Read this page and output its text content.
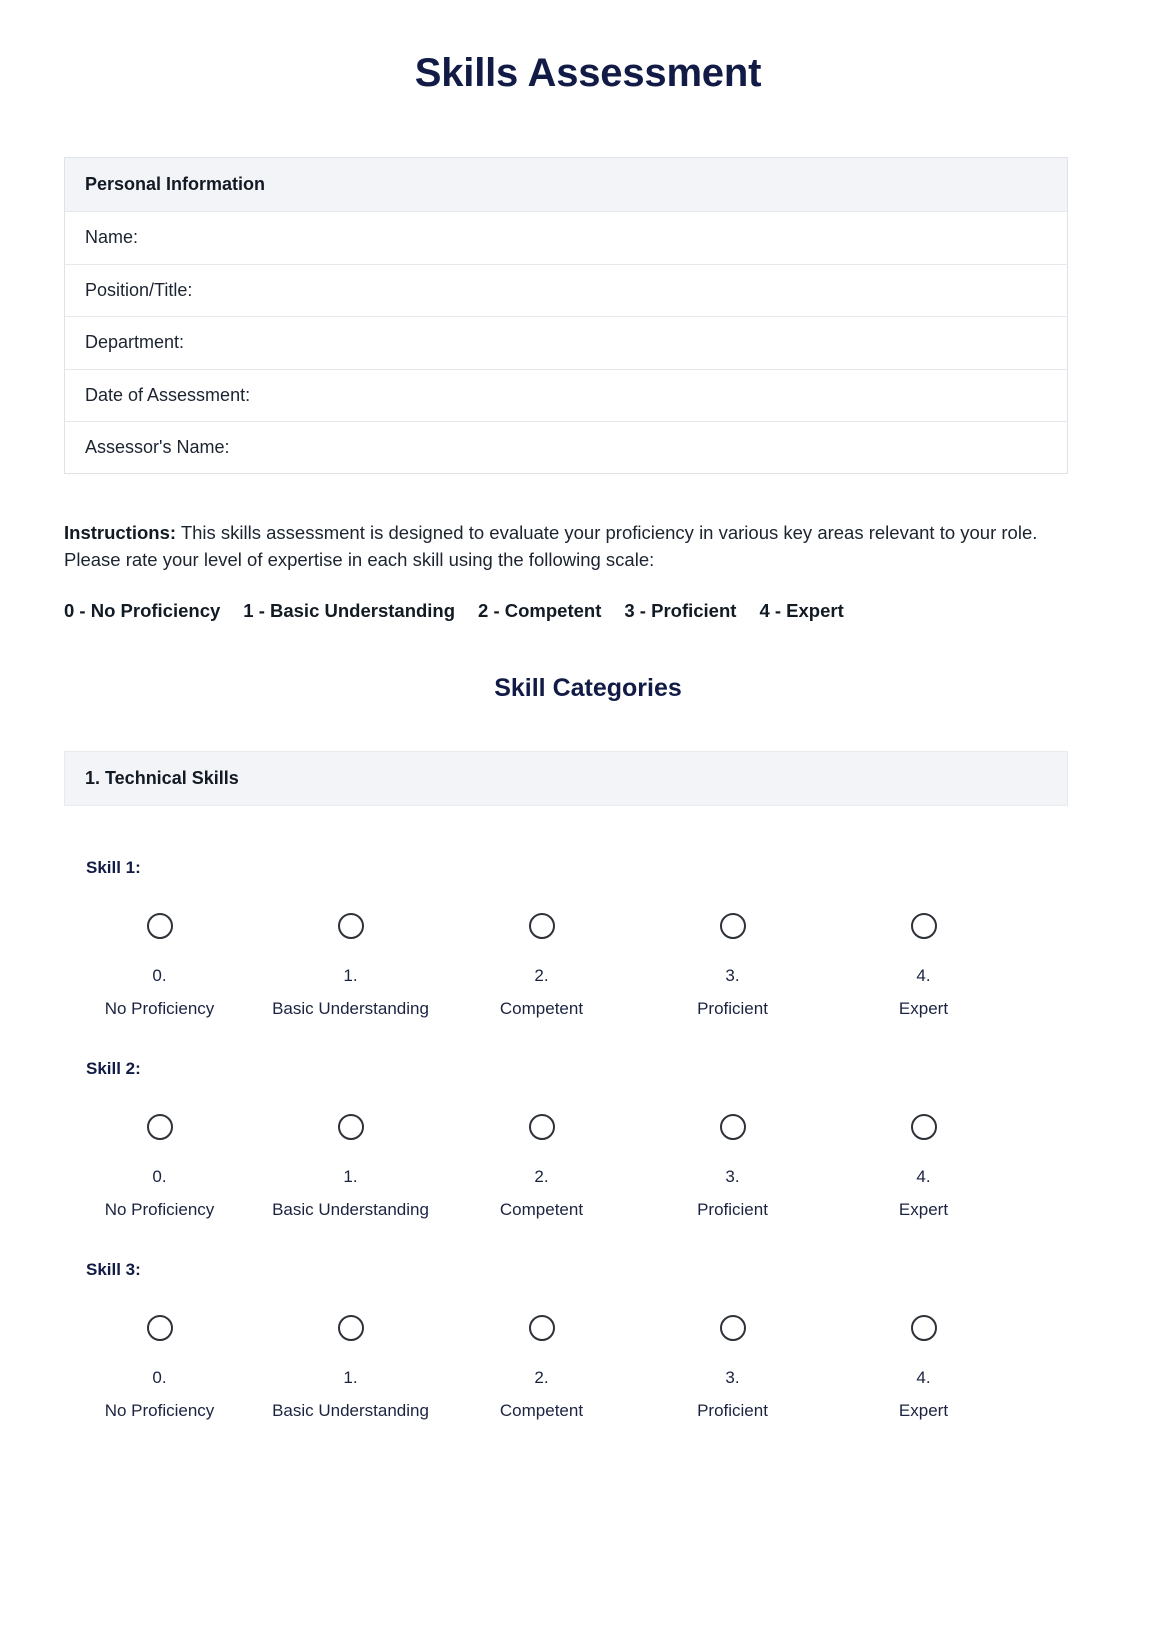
Skills Assessment
Personal Information
Name:
Position/Title:
Department:
Date of Assessment:
Assessor's Name:

Instructions: This skills assessment is designed to evaluate your proficiency in various key areas relevant to your role. Please rate your level of expertise in each skill using the following scale:

0 - No Proficiency 1 - Basic Understanding 2 - Competent 3 - Proficient 4 - Expert
Skill Categories
1. Technical Skills
Skill 1:
0.
No Proficiency
1.
Basic Understanding
2.
Competent
3.
Proficient
4.
Expert
Skill 2:
0.
No Proficiency
1.
Basic Understanding
2.
Competent
3.
Proficient
4.
Expert
Skill 3:
0.
No Proficiency
1.
Basic Understanding
2.
Competent
3.
Proficient
4.
Expert
